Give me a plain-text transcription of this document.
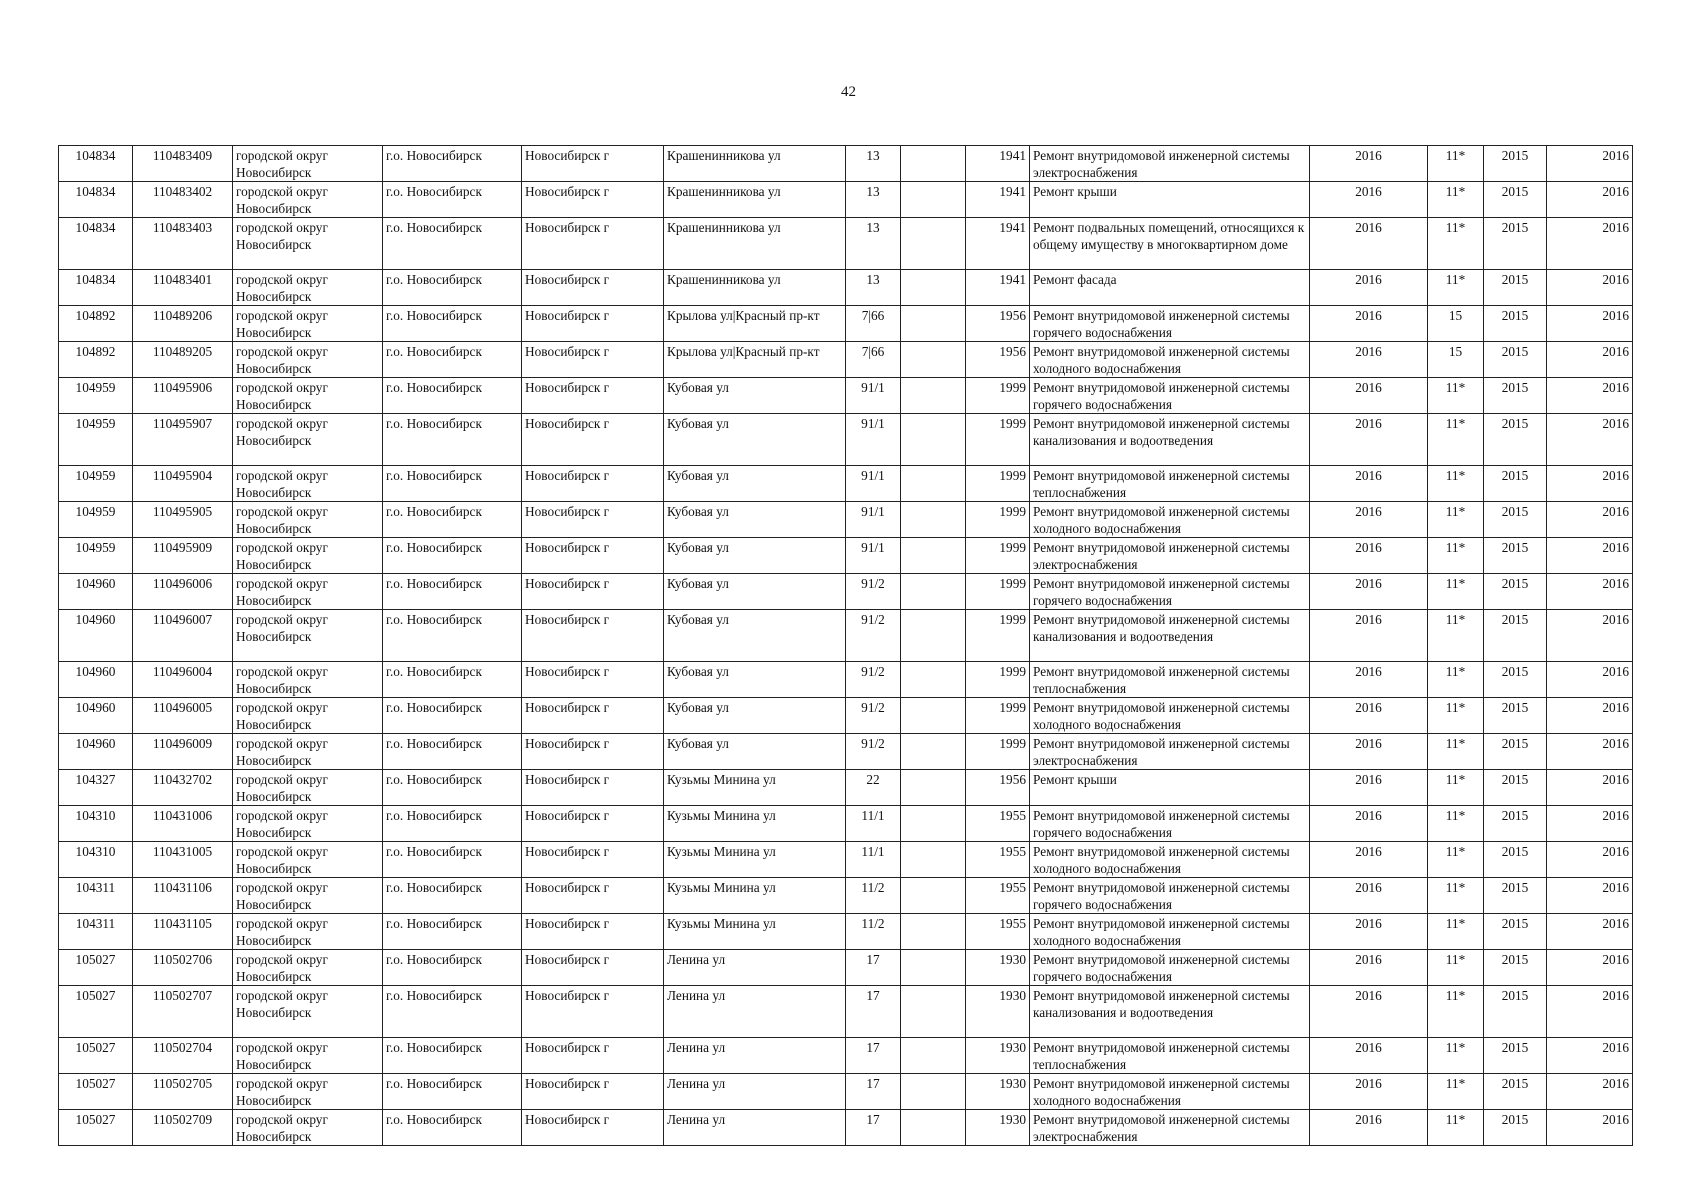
42
104834	110483409	городской округ Новосибирск	г.о. Новосибирск	Новосибирск г	Крашенинникова ул	13		1941	Ремонт внутридомовой инженерной системы электроснабжения	2016	11*	2015	2016
104834	110483402	городской округ Новосибирск	г.о. Новосибирск	Новосибирск г	Крашенинникова ул	13		1941	Ремонт крыши	2016	11*	2015	2016
104834	110483403	городской округ Новосибирск	г.о. Новосибирск	Новосибирск г	Крашенинникова ул	13		1941	Ремонт подвальных помещений, относящихся к общему имуществу в многоквартирном доме	2016	11*	2015	2016
104834	110483401	городской округ Новосибирск	г.о. Новосибирск	Новосибирск г	Крашенинникова ул	13		1941	Ремонт фасада	2016	11*	2015	2016
104892	110489206	городской округ Новосибирск	г.о. Новосибирск	Новосибирск г	Крылова ул|Красный пр-кт	7|66		1956	Ремонт внутридомовой инженерной системы горячего водоснабжения	2016	15	2015	2016
104892	110489205	городской округ Новосибирск	г.о. Новосибирск	Новосибирск г	Крылова ул|Красный пр-кт	7|66		1956	Ремонт внутридомовой инженерной системы холодного водоснабжения	2016	15	2015	2016
104959	110495906	городской округ Новосибирск	г.о. Новосибирск	Новосибирск г	Кубовая ул	91/1		1999	Ремонт внутридомовой инженерной системы горячего водоснабжения	2016	11*	2015	2016
104959	110495907	городской округ Новосибирск	г.о. Новосибирск	Новосибирск г	Кубовая ул	91/1		1999	Ремонт внутридомовой инженерной системы канализования и водоотведения	2016	11*	2015	2016
104959	110495904	городской округ Новосибирск	г.о. Новосибирск	Новосибирск г	Кубовая ул	91/1		1999	Ремонт внутридомовой инженерной системы теплоснабжения	2016	11*	2015	2016
104959	110495905	городской округ Новосибирск	г.о. Новосибирск	Новосибирск г	Кубовая ул	91/1		1999	Ремонт внутридомовой инженерной системы холодного водоснабжения	2016	11*	2015	2016
104959	110495909	городской округ Новосибирск	г.о. Новосибирск	Новосибирск г	Кубовая ул	91/1		1999	Ремонт внутридомовой инженерной системы электроснабжения	2016	11*	2015	2016
104960	110496006	городской округ Новосибирск	г.о. Новосибирск	Новосибирск г	Кубовая ул	91/2		1999	Ремонт внутридомовой инженерной системы горячего водоснабжения	2016	11*	2015	2016
104960	110496007	городской округ Новосибирск	г.о. Новосибирск	Новосибирск г	Кубовая ул	91/2		1999	Ремонт внутридомовой инженерной системы канализования и водоотведения	2016	11*	2015	2016
104960	110496004	городской округ Новосибирск	г.о. Новосибирск	Новосибирск г	Кубовая ул	91/2		1999	Ремонт внутридомовой инженерной системы теплоснабжения	2016	11*	2015	2016
104960	110496005	городской округ Новосибирск	г.о. Новосибирск	Новосибирск г	Кубовая ул	91/2		1999	Ремонт внутридомовой инженерной системы холодного водоснабжения	2016	11*	2015	2016
104960	110496009	городской округ Новосибирск	г.о. Новосибирск	Новосибирск г	Кубовая ул	91/2		1999	Ремонт внутридомовой инженерной системы электроснабжения	2016	11*	2015	2016
104327	110432702	городской округ Новосибирск	г.о. Новосибирск	Новосибирск г	Кузьмы Минина ул	22		1956	Ремонт крыши	2016	11*	2015	2016
104310	110431006	городской округ Новосибирск	г.о. Новосибирск	Новосибирск г	Кузьмы Минина ул	11/1		1955	Ремонт внутридомовой инженерной системы горячего водоснабжения	2016	11*	2015	2016
104310	110431005	городской округ Новосибирск	г.о. Новосибирск	Новосибирск г	Кузьмы Минина ул	11/1		1955	Ремонт внутридомовой инженерной системы холодного водоснабжения	2016	11*	2015	2016
104311	110431106	городской округ Новосибирск	г.о. Новосибирск	Новосибирск г	Кузьмы Минина ул	11/2		1955	Ремонт внутридомовой инженерной системы горячего водоснабжения	2016	11*	2015	2016
104311	110431105	городской округ Новосибирск	г.о. Новосибирск	Новосибирск г	Кузьмы Минина ул	11/2		1955	Ремонт внутридомовой инженерной системы холодного водоснабжения	2016	11*	2015	2016
105027	110502706	городской округ Новосибирск	г.о. Новосибирск	Новосибирск г	Ленина ул	17		1930	Ремонт внутридомовой инженерной системы горячего водоснабжения	2016	11*	2015	2016
105027	110502707	городской округ Новосибирск	г.о. Новосибирск	Новосибирск г	Ленина ул	17		1930	Ремонт внутридомовой инженерной системы канализования и водоотведения	2016	11*	2015	2016
105027	110502704	городской округ Новосибирск	г.о. Новосибирск	Новосибирск г	Ленина ул	17		1930	Ремонт внутридомовой инженерной системы теплоснабжения	2016	11*	2015	2016
105027	110502705	городской округ Новосибирск	г.о. Новосибирск	Новосибирск г	Ленина ул	17		1930	Ремонт внутридомовой инженерной системы холодного водоснабжения	2016	11*	2015	2016
105027	110502709	городской округ Новосибирск	г.о. Новосибирск	Новосибирск г	Ленина ул	17		1930	Ремонт внутридомовой инженерной системы электроснабжения	2016	11*	2015	2016
